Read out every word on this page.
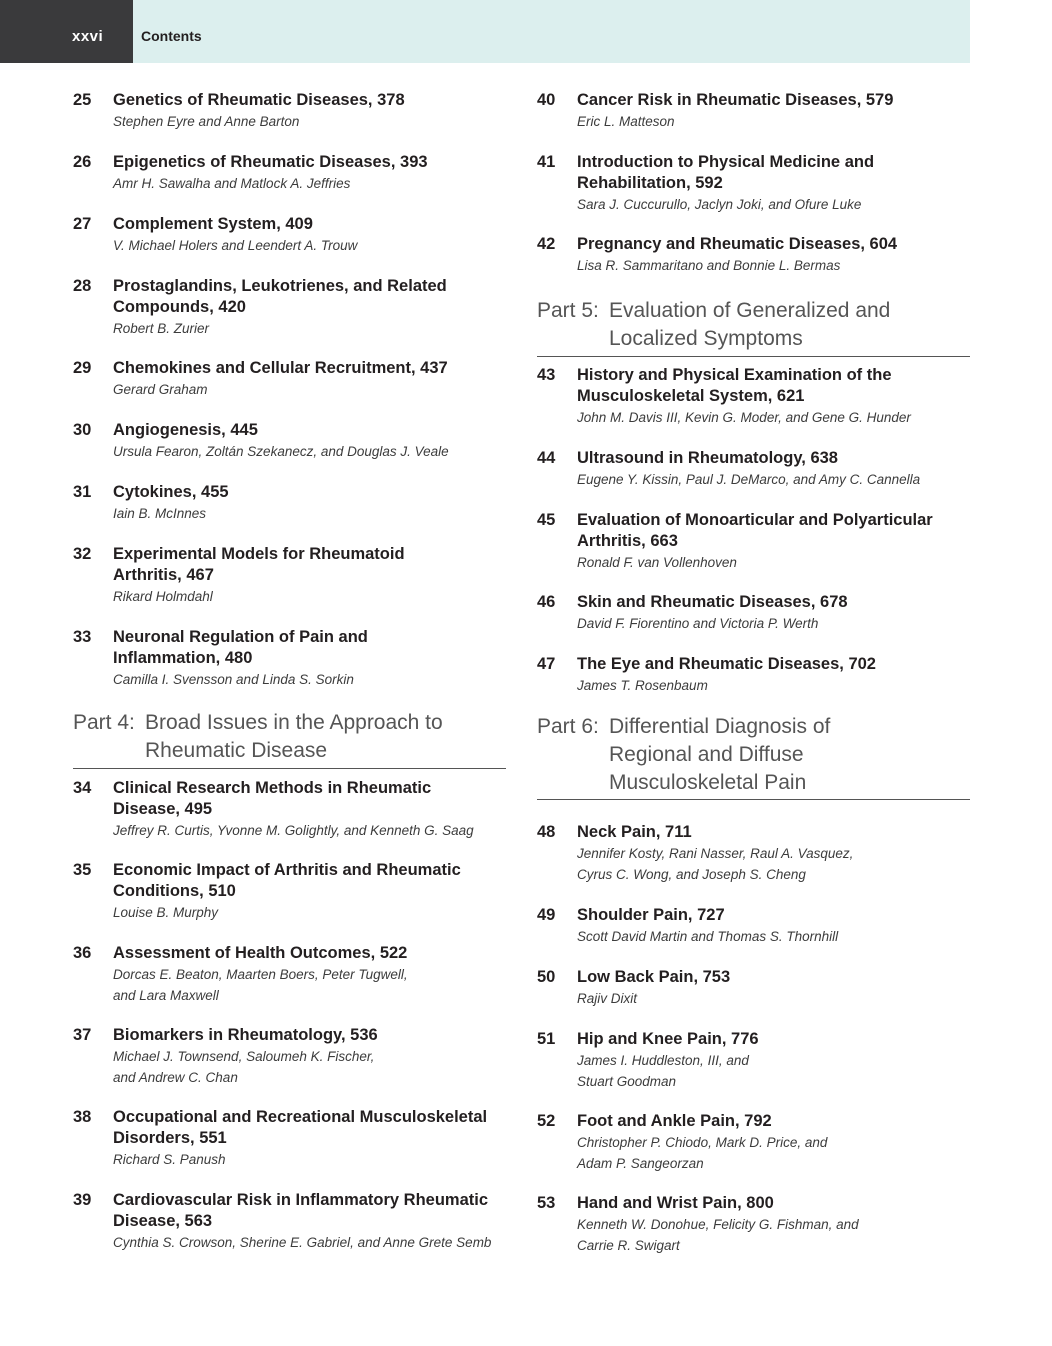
xxvi	Contents
25 Genetics of Rheumatic Diseases, 378
Stephen Eyre and Anne Barton
26 Epigenetics of Rheumatic Diseases, 393
Amr H. Sawalha and Matlock A. Jeffries
27 Complement System, 409
V. Michael Holers and Leendert A. Trouw
28 Prostaglandins, Leukotrienes, and Related
Compounds, 420
Robert B. Zurier
29 Chemokines and Cellular Recruitment, 437
Gerard Graham
30 Angiogenesis, 445
Ursula Fearon, Zoltán Szekanecz, and Douglas J. Veale
31 Cytokines, 455
Iain B. McInnes
32 Experimental Models for Rheumatoid
Arthritis, 467
Rikard Holmdahl
33 Neuronal Regulation of Pain and
Inflammation, 480
Camilla I. Svensson and Linda S. Sorkin
Part 4: Broad Issues in the Approach to
Rheumatic Disease
34 Clinical Research Methods in Rheumatic
Disease, 495
Jeffrey R. Curtis, Yvonne M. Golightly, and Kenneth G. Saag
35 Economic Impact of Arthritis and Rheumatic
Conditions, 510
Louise B. Murphy
36 Assessment of Health Outcomes, 522
Dorcas E. Beaton, Maarten Boers, Peter Tugwell,
and Lara Maxwell
37 Biomarkers in Rheumatology, 536
Michael J. Townsend, Saloumeh K. Fischer,
and Andrew C. Chan
38 Occupational and Recreational Musculoskeletal
Disorders, 551
Richard S. Panush
39 Cardiovascular Risk in Inflammatory Rheumatic
Disease, 563
Cynthia S. Crowson, Sherine E. Gabriel, and Anne Grete Semb
40 Cancer Risk in Rheumatic Diseases, 579
Eric L. Matteson
41 Introduction to Physical Medicine and
Rehabilitation, 592
Sara J. Cuccurullo, Jaclyn Joki, and Ofure Luke
42 Pregnancy and Rheumatic Diseases, 604
Lisa R. Sammaritano and Bonnie L. Bermas
Part 5: Evaluation of Generalized and
Localized Symptoms
43 History and Physical Examination of the
Musculoskeletal System, 621
John M. Davis III, Kevin G. Moder, and Gene G. Hunder
44 Ultrasound in Rheumatology, 638
Eugene Y. Kissin, Paul J. DeMarco, and Amy C. Cannella
45 Evaluation of Monoarticular and Polyarticular
Arthritis, 663
Ronald F. van Vollenhoven
46 Skin and Rheumatic Diseases, 678
David F. Fiorentino and Victoria P. Werth
47 The Eye and Rheumatic Diseases, 702
James T. Rosenbaum
Part 6: Differential Diagnosis of
Regional and Diffuse
Musculoskeletal Pain
48 Neck Pain, 711
Jennifer Kosty, Rani Nasser, Raul A. Vasquez,
Cyrus C. Wong, and Joseph S. Cheng
49 Shoulder Pain, 727
Scott David Martin and Thomas S. Thornhill
50 Low Back Pain, 753
Rajiv Dixit
51 Hip and Knee Pain, 776
James I. Huddleston, III, and
Stuart Goodman
52 Foot and Ankle Pain, 792
Christopher P. Chiodo, Mark D. Price, and
Adam P. Sangeorzan
53 Hand and Wrist Pain, 800
Kenneth W. Donohue, Felicity G. Fishman, and
Carrie R. Swigart
